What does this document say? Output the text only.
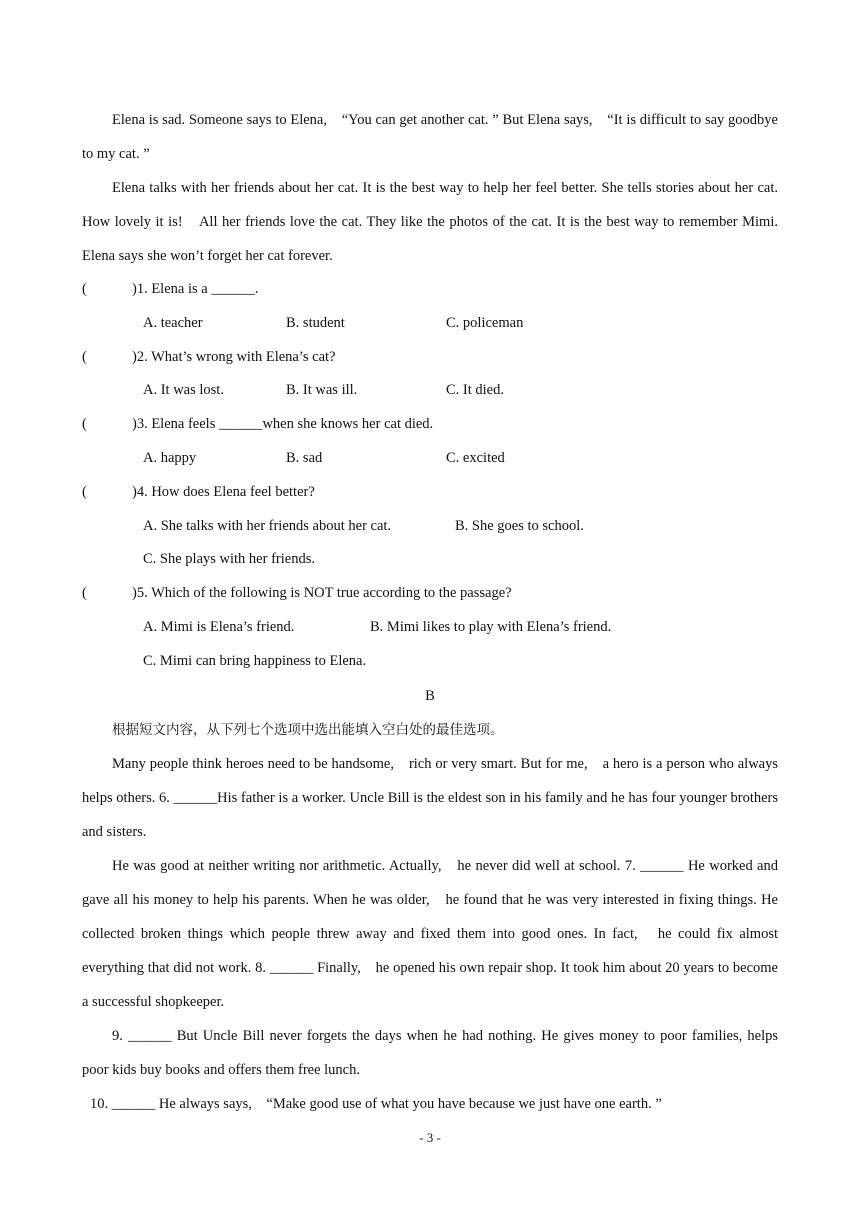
Elena is sad. Someone says to Elena,　“You can get another cat. ” But Elena says,　“It is difficult to say goodbye to my cat. ”

Elena talks with her friends about her cat. It is the best way to help her feel better. She tells stories about her cat. How lovely it is!　All her friends love the cat. They like the photos of the cat. It is the best way to remember Mimi. Elena says she won’t forget her cat forever.

(	)1. Elena is a ______.
A. teacher	B. student	C. policeman
(	)2. What’s wrong with Elena’s cat?
A. It was lost.	B. It was ill.	C. It died.
(	)3. Elena feels ______when she knows her cat died.
A. happy	B. sad	C. excited
(	)4. How does Elena feel better?
A. She talks with her friends about her cat.	B. She goes to school.
C. She plays with her friends.
(	)5. Which of the following is NOT true according to the passage?
A. Mimi is Elena’s friend.	B. Mimi likes to play with Elena’s friend.
C. Mimi can bring happiness to Elena.
B

根据短文内容，从下列七个选项中选出能填入空白处的最佳选项。

Many people think heroes need to be handsome,　rich or very smart. But for me,　a hero is a person who always helps others. 6. ______His father is a worker. Uncle Bill is the eldest son in his family and he has four younger brothers and sisters.

He was good at neither writing nor arithmetic. Actually,　he never did well at school. 7. ______ He worked and gave all his money to help his parents. When he was older,　he found that he was very interested in fixing things. He collected broken things which people threw away and fixed them into good ones. In fact,　he could fix almost everything that did not work. 8. ______ Finally,　he opened his own repair shop. It took him about 20 years to become a successful shopkeeper.

9. ______ But Uncle Bill never forgets the days when he had nothing. He gives money to poor families, helps poor kids buy books and offers them free lunch.

10. ______ He always says,　“Make good use of what you have because we just have one earth. ”

- 3 -
